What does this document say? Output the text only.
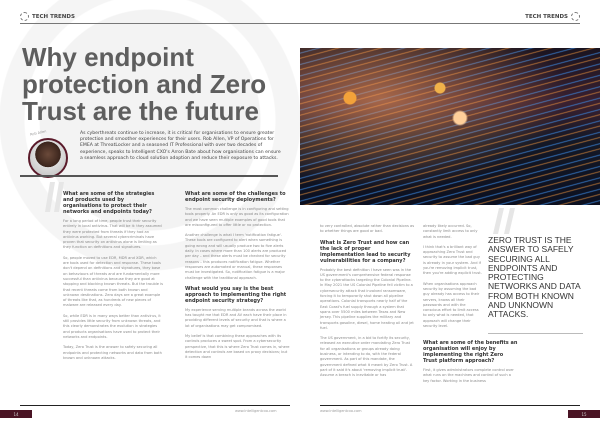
TECH TRENDS
Why endpoint protection and Zero Trust are the future
Rob Allen	As cyberthreats continue to increase, it is critical for organisations to ensure greater protection and smoother experiences for their users. Rob Allen, VP of Operations for EMEA at ThreatLocker and a seasoned IT Professional with over two decades of experience, speaks to Intelligent CXO's Arron Bate about how organisations can ensure a seamless approach to cloud solution adoption and reduce their exposure to attacks.

What are some of the strategies and products used by organisations to protect their networks and endpoints today?

For a long period of time, people trust their security entirely in local antivirus. That will be it: they assumed they were protected from threats if they had an antivirus working. But several cybercriminals have proven that security on antivirus alone is limiting as they function on definitions and signatures.

So, people moved to use EDR, MDR and XDR, which are tools used for detection and response. These tools don't depend on definitions and signatures, they base on behaviours of threats and are fundamentally more successful than antivirus because they are good at stopping and blocking known threats. But the trouble is that recent threats come from both known and unknown destinations. Zero days are a great example of threats like that, as hundreds of new pieces of malware are released every day.

So, while EDR is in many ways better than antivirus, it still provides little security from unknown threats, and this clearly demonstrates the evolution in strategies and products organisations have used to protect their networks and endpoints.

Today, Zero Trust is the answer to safely securing all endpoints and protecting networks and data from both known and unknown attacks.

What are some of the challenges to endpoint security deployments?

The most common challenge is in configuring and setting tools properly. An EDR is only as good as its configuration and we have seen multiple examples of good tools that are misconfigured to offer little or no protection.

Another challenge is what I term 'notification fatigue'. These tools are configured to alert when something is going wrong and will usually produce two to five alerts daily. In cases where more than 100 alerts are produced per day – and these alerts must be checked for security reasons – this produces notification fatigue. Whether responses are automated or manual, these responses must be investigated. So, notification fatigue is a major challenge with the traditional approach.

What would you say is the best approach to implementing the right endpoint security strategy?

My experience serving multiple brands across the world has taught me that EDR and AV each have their place in providing different levels of security and that is where a lot of organisations may get compromised.

My belief is that combining these approaches with its controls produces a sweet spot. From a cybersecurity perspective, that this is where Zero Trust comes in, where detection and controls are based on proxy decisions; but it comes down

www.intelligentcxo.com
14
TECH TRENDS

to very controlled, absolute rather than decisions as to whether things are good or bad.

What is Zero Trust and how can the lack of proper implementation lead to security vulnerabilities for a company?

Probably the best definition I have seen was in the US government's comprehensive federal response to the cyberattacks targeting the Colonial Pipeline. In May 2021 the US Colonial Pipeline fell victim to a cybersecurity attack that involved ransomware, forcing it to temporarily shut down all pipeline operations. Colonial transports nearly half of the East Coast's fuel supply through a system that spans over 5500 miles between Texas and New Jersey. This pipeline supplies the military and transports gasoline, diesel, home heating oil and jet fuel.

The US government, in a bid to fortify its security, released an executive order mandating Zero Trust for all organisations or groups already doing business, or intending to do, with the federal government. As part of this mandate, the government defined what it meant by Zero Trust. A part of it said it's about 'removing implicit trust'. Assume a breach is inevitable or has

already likely occurred. So, constantly limit access to only what is needed.

I think that's a brilliant way of approaching Zero Trust and security to assume the bad guy is already in your system. And if you're removing implicit trust, then you're adding explicit trust.

When organisations approach security by assuming the bad guy already has access to their servers, knows all their passwords and with the conscious effort to limit access to only what is needed, that approach will change their security level.

What are some of the benefits an organisation will enjoy by implementing the right Zero Trust platform approach?

First, it gives administrators complete control over what runs on the machines and control of such a key factor. Working in the business

www.intelligentcxo.com
15
ZERO TRUST IS THE ANSWER TO SAFELY SECURING ALL ENDPOINTS AND PROTECTING NETWORKS AND DATA FROM BOTH KNOWN AND UNKNOWN ATTACKS.
